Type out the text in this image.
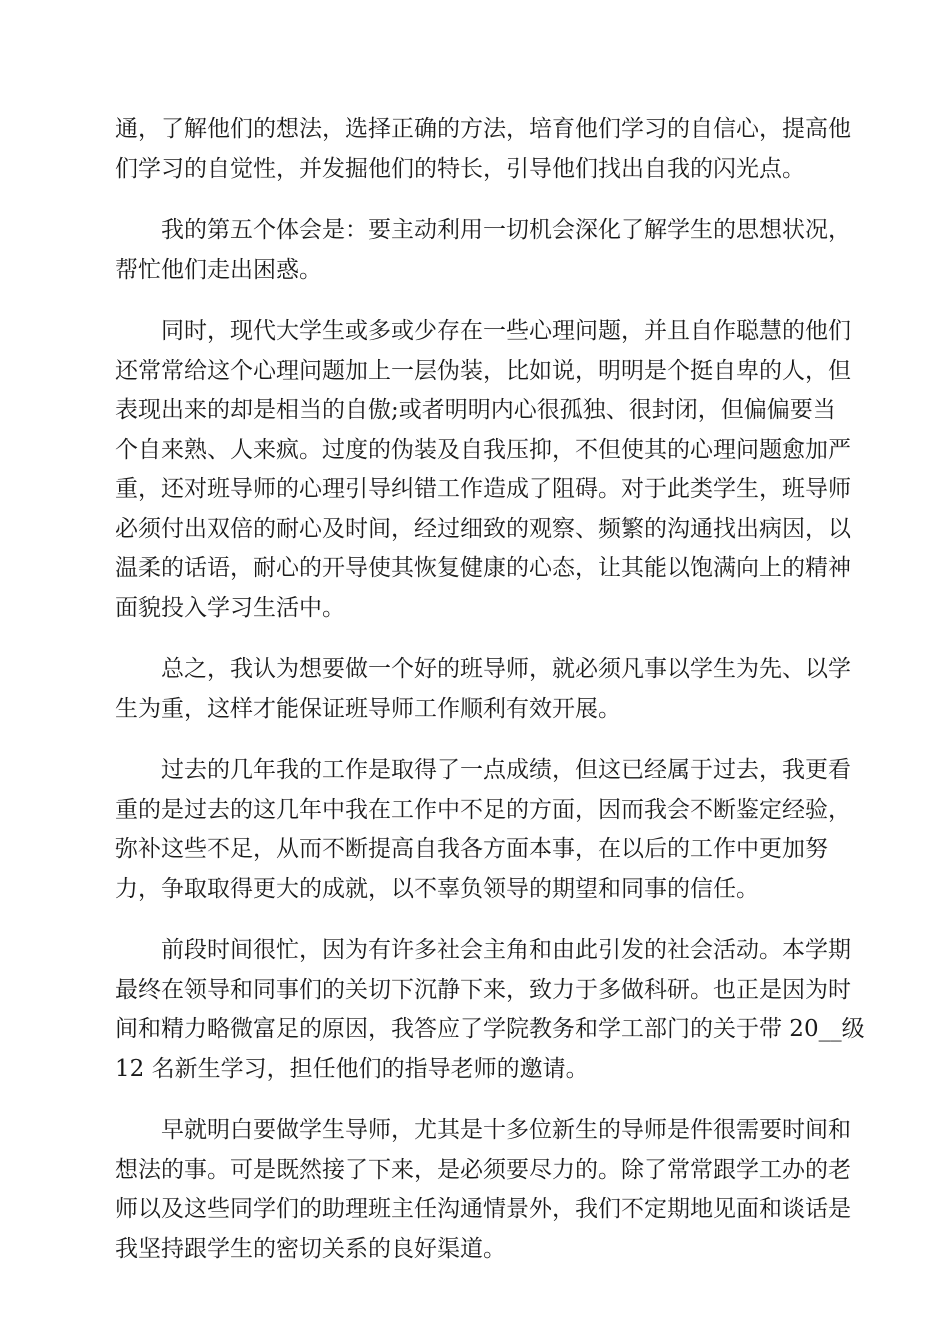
通，了解他们的想法，选择正确的方法，培育他们学习的自信心，提高他
们学习的自觉性，并发掘他们的特长，引导他们找出自我的闪光点。

我的第五个体会是：要主动利用一切机会深化了解学生的思想状况，
帮忙他们走出困惑。

同时，现代大学生或多或少存在一些心理问题，并且自作聪慧的他们
还常常给这个心理问题加上一层伪装，比如说，明明是个挺自卑的人，但
表现出来的却是相当的自傲;或者明明内心很孤独、很封闭，但偏偏要当
个自来熟、人来疯。过度的伪装及自我压抑，不但使其的心理问题愈加严
重，还对班导师的心理引导纠错工作造成了阻碍。对于此类学生，班导师
必须付出双倍的耐心及时间，经过细致的观察、频繁的沟通找出病因，以
温柔的话语，耐心的开导使其恢复健康的心态，让其能以饱满向上的精神
面貌投入学习生活中。

总之，我认为想要做一个好的班导师，就必须凡事以学生为先、以学
生为重，这样才能保证班导师工作顺利有效开展。

过去的几年我的工作是取得了一点成绩，但这已经属于过去，我更看
重的是过去的这几年中我在工作中不足的方面，因而我会不断鉴定经验，
弥补这些不足，从而不断提高自我各方面本事，在以后的工作中更加努
力，争取取得更大的成就，以不辜负领导的期望和同事的信任。

前段时间很忙，因为有许多社会主角和由此引发的社会活动。本学期
最终在领导和同事们的关切下沉静下来，致力于多做科研。也正是因为时
间和精力略微富足的原因，我答应了学院教务和学工部门的关于带 20__级
12 名新生学习，担任他们的指导老师的邀请。

早就明白要做学生导师，尤其是十多位新生的导师是件很需要时间和
想法的事。可是既然接了下来，是必须要尽力的。除了常常跟学工办的老
师以及这些同学们的助理班主任沟通情景外，我们不定期地见面和谈话是
我坚持跟学生的密切关系的良好渠道。
